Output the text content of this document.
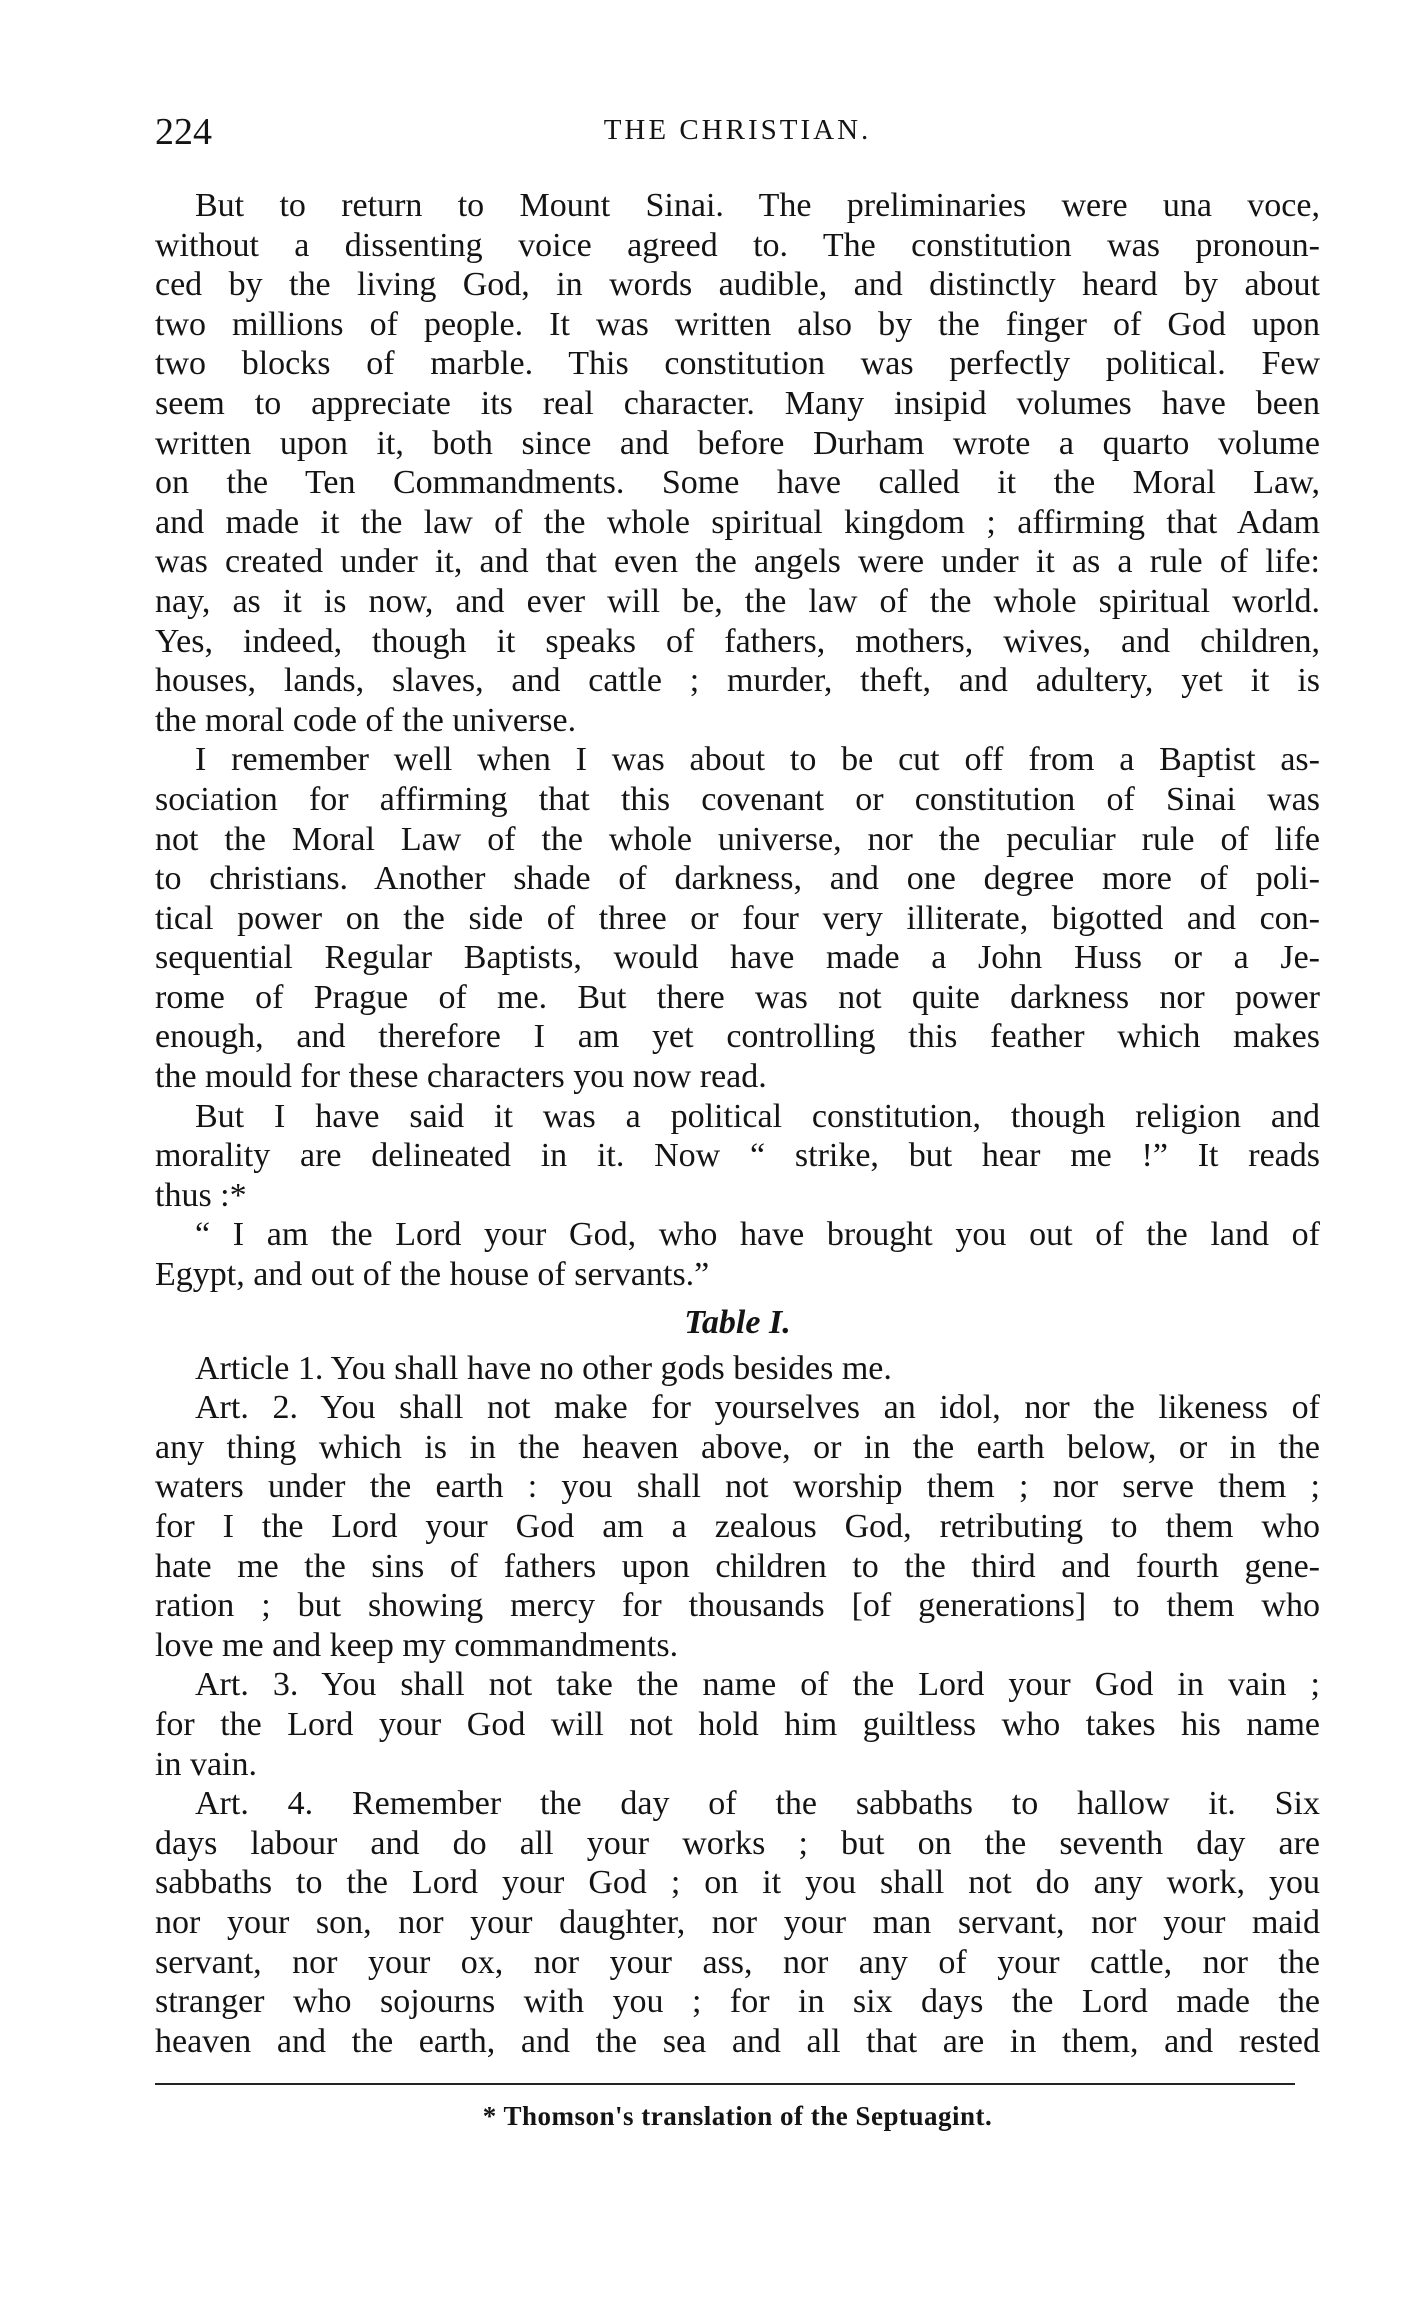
224	THE CHRISTIAN.
But to return to Mount Sinai. The preliminaries were una voce,
without a dissenting voice agreed to. The constitution was pronoun-
ced by the living God, in words audible, and distinctly heard by about
two millions of people. It was written also by the finger of God upon
two blocks of marble. This constitution was perfectly political. Few
seem to appreciate its real character. Many insipid volumes have been
written upon it, both since and before Durham wrote a quarto volume
on the Ten Commandments. Some have called it the Moral Law,
and made it the law of the whole spiritual kingdom ; affirming that Adam
was created under it, and that even the angels were under it as a rule of life:
nay, as it is now, and ever will be, the law of the whole spiritual world.
Yes, indeed, though it speaks of fathers, mothers, wives, and children,
houses, lands, slaves, and cattle ; murder, theft, and adultery, yet it is
the moral code of the universe.
I remember well when I was about to be cut off from a Baptist as-
sociation for affirming that this covenant or constitution of Sinai was
not the Moral Law of the whole universe, nor the peculiar rule of life
to christians. Another shade of darkness, and one degree more of poli-
tical power on the side of three or four very illiterate, bigotted and con-
sequential Regular Baptists, would have made a John Huss or a Je-
rome of Prague of me. But there was not quite darkness nor power
enough, and therefore I am yet controlling this feather which makes
the mould for these characters you now read.
But I have said it was a political constitution, though religion and
morality are delineated in it. Now “ strike, but hear me !” It reads
thus :*
“ I am the Lord your God, who have brought you out of the land of
Egypt, and out of the house of servants.”
Table I.
Article 1. You shall have no other gods besides me.
Art. 2. You shall not make for yourselves an idol, nor the likeness of
any thing which is in the heaven above, or in the earth below, or in the
waters under the earth : you shall not worship them ; nor serve them ;
for I the Lord your God am a zealous God, retributing to them who
hate me the sins of fathers upon children to the third and fourth gene-
ration ; but showing mercy for thousands [of generations] to them who
love me and keep my commandments.
Art. 3. You shall not take the name of the Lord your God in vain ;
for the Lord your God will not hold him guiltless who takes his name
in vain.
Art. 4. Remember the day of the sabbaths to hallow it. Six
days labour and do all your works ; but on the seventh day are
sabbaths to the Lord your God ; on it you shall not do any work, you
nor your son, nor your daughter, nor your man servant, nor your maid
servant, nor your ox, nor your ass, nor any of your cattle, nor the
stranger who sojourns with you ; for in six days the Lord made the
heaven and the earth, and the sea and all that are in them, and rested
* Thomson's translation of the Septuagint.
